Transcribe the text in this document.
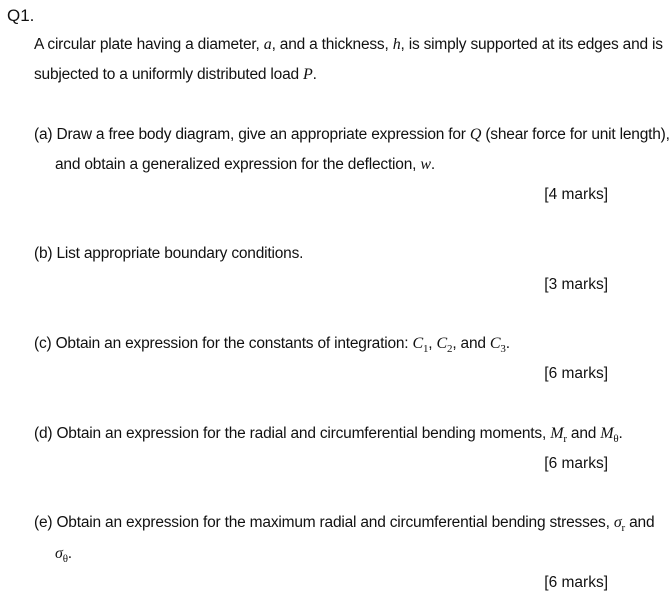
Q1.
A circular plate having a diameter, a, and a thickness, h, is simply supported at its edges and is
subjected to a uniformly distributed load P.
(a) Draw a free body diagram, give an appropriate expression for Q (shear force for unit length),
and obtain a generalized expression for the deflection, w.
[4 marks]
(b) List appropriate boundary conditions.
[3 marks]
(c) Obtain an expression for the constants of integration: $C_1$, $C_2$, and $C_3$.
[6 marks]
(d) Obtain an expression for the radial and circumferential bending moments, $M_r$ and $M_\theta$.
[6 marks]
(e) Obtain an expression for the maximum radial and circumferential bending stresses, $\sigma_r$ and
$\sigma_\theta$.
[6 marks]
